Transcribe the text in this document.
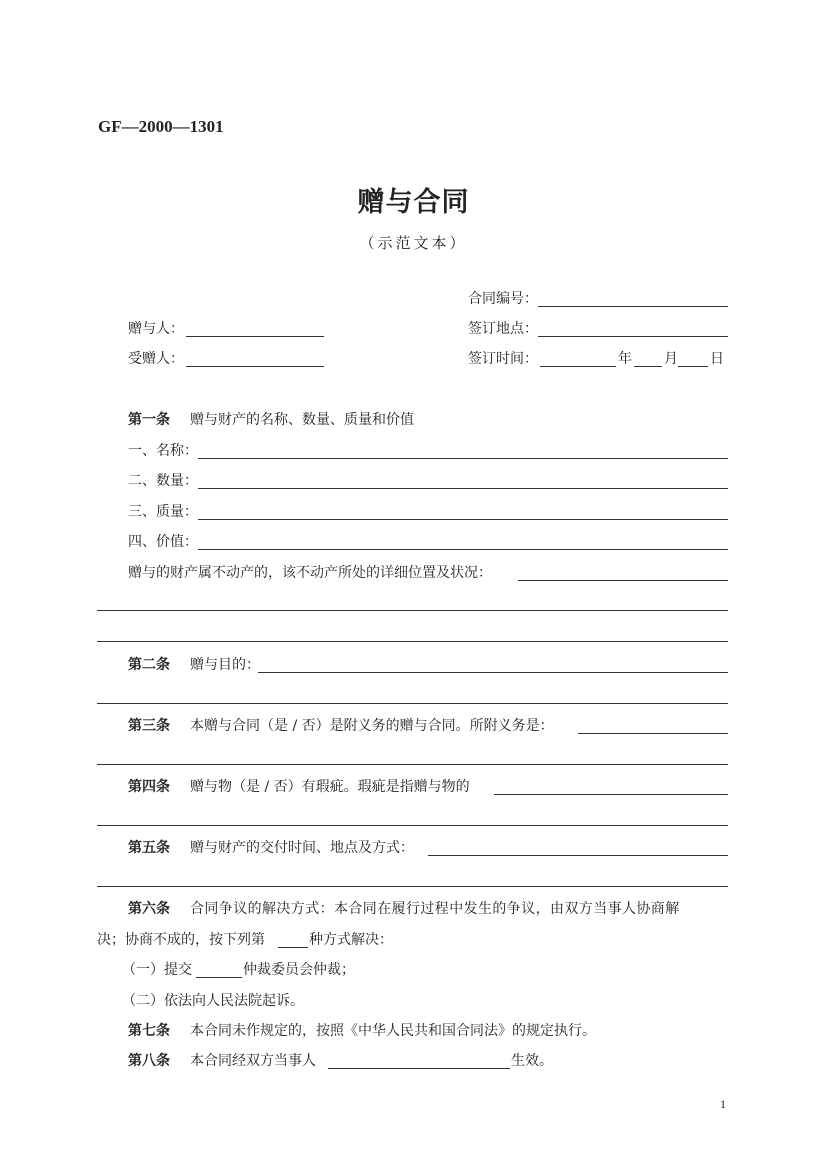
GF—2000—1301
赠与合同
（示范文本）
合同编号：
赠与人：	签订地点：
受赠人：	签订时间：	年 月 日
第一条 赠与财产的名称、数量、质量和价值
一、名称：
二、数量：
三、质量：
四、价值：
赠与的财产属不动产的，该不动产所处的详细位置及状况：
第二条 赠与目的：
第三条 本赠与合同（是 / 否）是附义务的赠与合同。所附义务是：
第四条 赠与物（是 / 否）有瑕疵。瑕疵是指赠与物的
第五条 赠与财产的交付时间、地点及方式：
第六条 合同争议的解决方式：本合同在履行过程中发生的争议，由双方当事人协商解
决；协商不成的，按下列第	种方式解决：
（一）提交	仲裁委员会仲裁；
（二）依法向人民法院起诉。
第七条 本合同未作规定的，按照《中华人民共和国合同法》的规定执行。
第八条 本合同经双方当事人	生效。
1
